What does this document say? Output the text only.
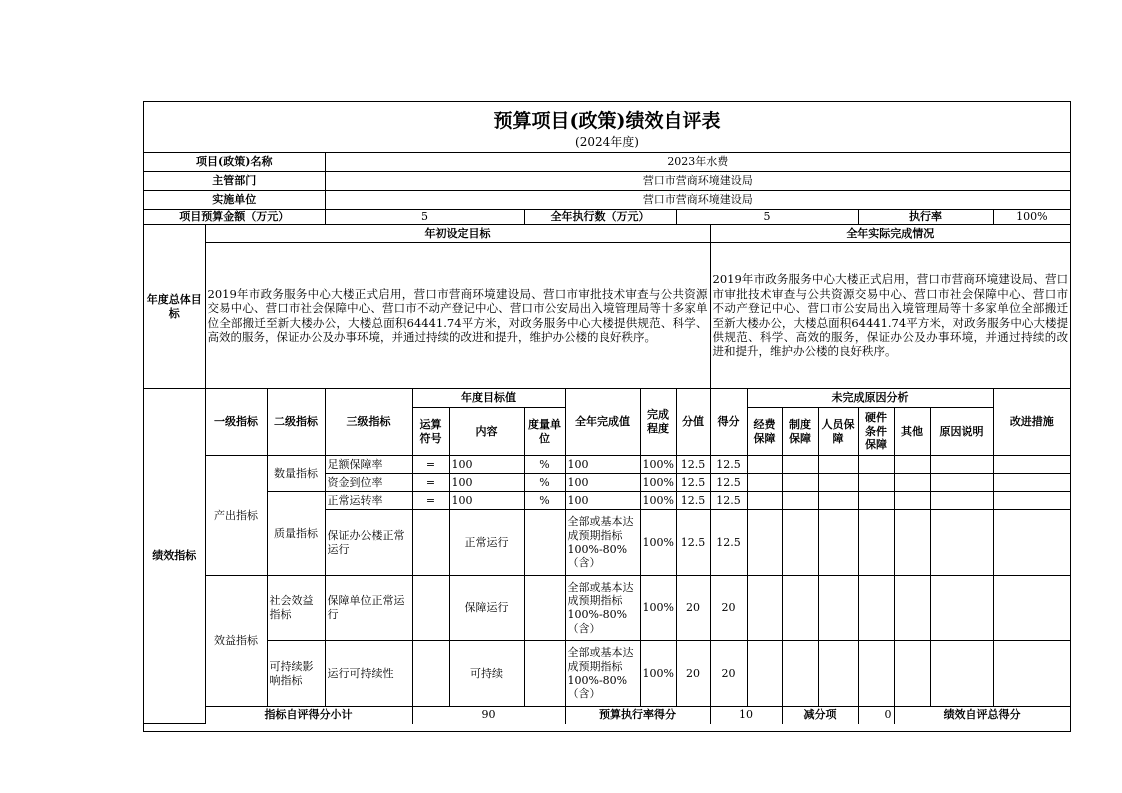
预算项目(政策)绩效自评表
(2024年度)
项目(政策)名称			2023年水费															
主管部门			营口市营商环境建设局															
实施单位			营口市营商环境建设局															
项目预算金额（万元）			5			全年执行数（万元）			5					执行率			100%	
年度总体目标	年初设定目标									全年实际完成情况								
	2019年市政务服务中心大楼正式启用，营口市营商环境建设局、营口市审批技术审查与公共资源交易中心、营口市社会保障中心、营口市不动产登记中心、营口市公安局出入境管理局等十多家单位全部搬迁至新大楼办公，大楼总面积64441.74平方米，对政务服务中心大楼提供规范、科学、高效的服务，保证办公及办事环境，并通过持续的改进和提升，维护办公楼的良好秩序。									2019年市政务服务中心大楼正式启用，营口市营商环境建设局、营口市审批技术审查与公共资源交易中心、营口市社会保障中心、营口市不动产登记中心、营口市公安局出入境管理局等十多家单位全部搬迁至新大楼办公，大楼总面积64441.74平方米，对政务服务中心大楼提供规范、科学、高效的服务，保证办公及办事环境，并通过持续的改进和提升，维护办公楼的良好秩序。								
绩效指标	一级指标	二级指标	三级指标	年度目标值			全年完成值	完成程度	分值	得分	未完成原因分析						改进措施	
				运算符号	内容	度量单位					经费保障	制度保障	人员保障	硬件条件保障	其他	原因说明		

	产出指标	数量指标	足额保障率	=	100	%	100	100%	12.5	12.5								
			资金到位率	=	100	%	100	100%	12.5	12.5								
		质量指标	正常运转率	=	100	%	100	100%	12.5	12.5								
			保证办公楼正常运行		正常运行		全部或基本达成预期指标100%-80%（含）	100%	12.5	12.5								
	效益指标	社会效益指标	保障单位正常运行		保障运行		全部或基本达成预期指标100%-80%（含）	100%	20	20								
		可持续影响指标	运行可持续性		可持续		全部或基本达成预期指标100%-80%（含）	100%	20	20								
	指标自评得分小计			90			预算执行率得分			10		减分项		0	绩效自评总得分	
